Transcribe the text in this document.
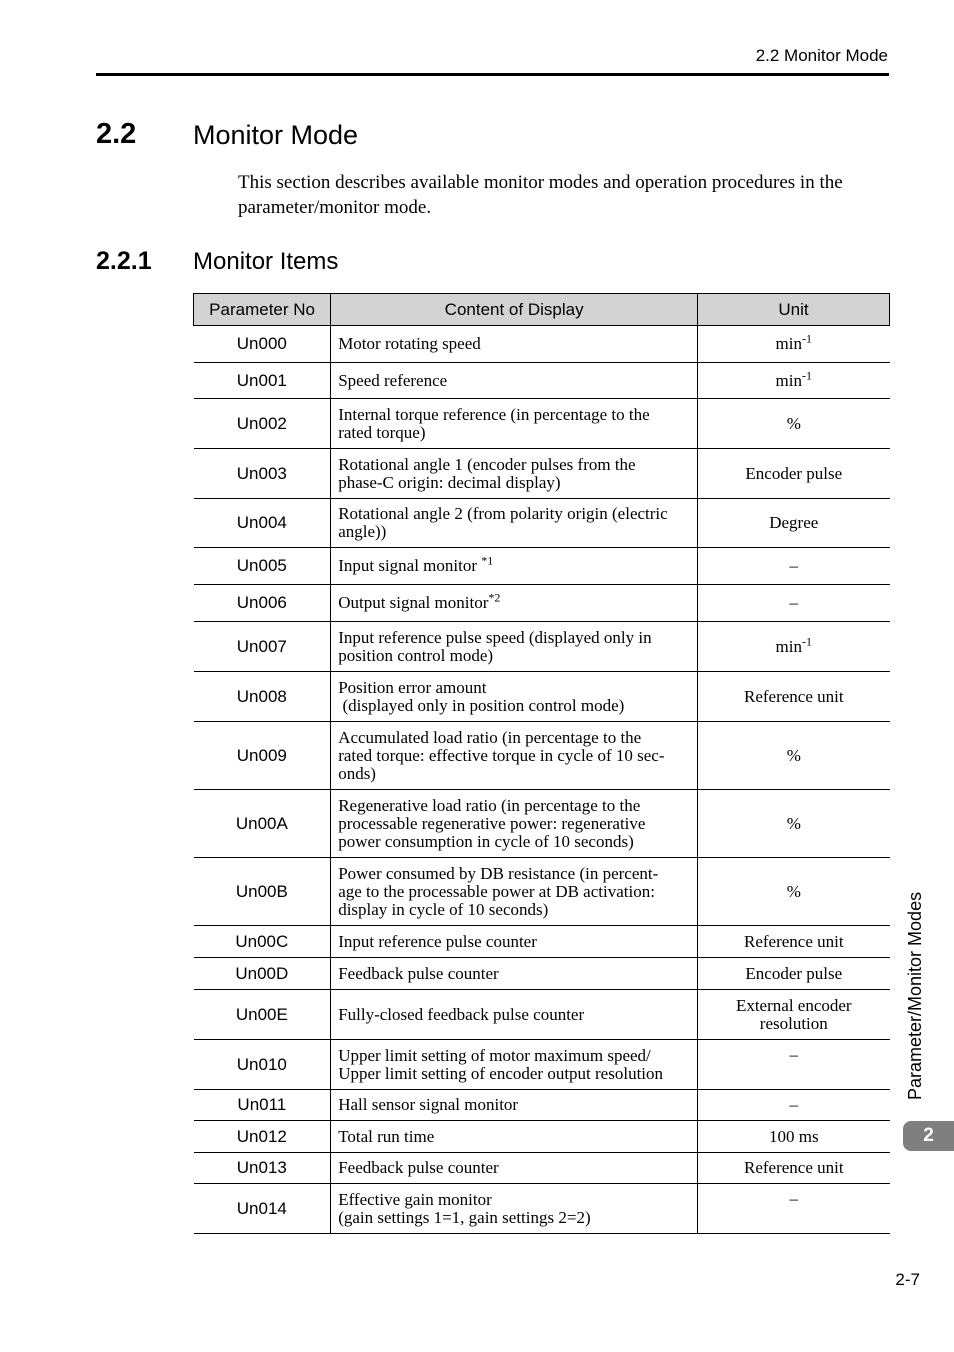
2.2 Monitor Mode
2.2 Monitor Mode
This section describes available monitor modes and operation procedures in the parameter/monitor mode.
2.2.1 Monitor Items
Parameter No	Content of Display	Unit
Un000	Motor rotating speed	$\min^{-1}$
Un001	Speed reference	$\min^{-1}$
Un002	Internal torque reference (in percentage to the
rated torque)	%
Un003	Rotational angle 1 (encoder pulses from the
phase-C origin: decimal display)	Encoder pulse
Un004	Rotational angle 2 (from polarity origin (electric
angle))	Degree
Un005	Input signal monitor $^{*1}$	–
Un006	Output signal monitor$^{*2}$	–
Un007	Input reference pulse speed (displayed only in
position control mode)	$\min^{-1}$
Un008	Position error amount
(displayed only in position control mode)	Reference unit
Un009	Accumulated load ratio (in percentage to the
rated torque: effective torque in cycle of 10 sec-
onds)	%
Un00A	Regenerative load ratio (in percentage to the
processable regenerative power: regenerative
power consumption in cycle of 10 seconds)	%
Un00B	Power consumed by DB resistance (in percent-
age to the processable power at DB activation:
display in cycle of 10 seconds)	%
Un00C	Input reference pulse counter	Reference unit
Un00D	Feedback pulse counter	Encoder pulse
Un00E	Fully-closed feedback pulse counter	External encoder
resolution
Un010	Upper limit setting of motor maximum speed/
Upper limit setting of encoder output resolution	–
Un011	Hall sensor signal monitor	–
Un012	Total run time	100 ms
Un013	Feedback pulse counter	Reference unit
Un014	Effective gain monitor
(gain settings 1=1, gain settings 2=2)	–
Parameter/Monitor Modes
2
2-7
